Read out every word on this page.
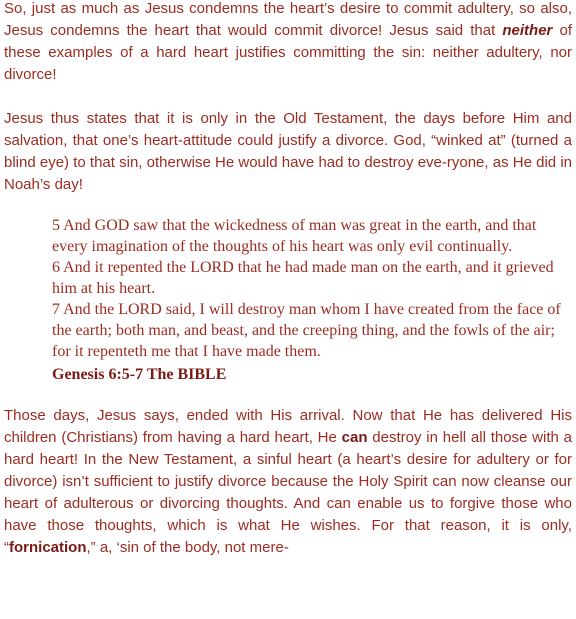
So, just as much as Jesus condemns the heart’s desire to commit adultery, so also, Jesus condemns the heart that would commit divorce! Jesus said that neither of these examples of a hard heart justifies committing the sin: neither adultery, nor divorce!

Jesus thus states that it is only in the Old Testament, the days before Him and salvation, that one’s heart-attitude could justify a divorce. God, “winked at” (turned a blind eye) to that sin, otherwise He would have had to destroy eve-ryone, as He did in Noah’s day!

5 And GOD saw that the wickedness of man was great in the earth, and that every imagination of the thoughts of his heart was only evil continually.

6 And it repented the LORD that he had made man on the earth, and it grieved him at his heart.

7 And the LORD said, I will destroy man whom I have created from the face of the earth; both man, and beast, and the creeping thing, and the fowls of the air; for it repenteth me that I have made them.

Genesis 6:5-7 The BIBLE

Those days, Jesus says, ended with His arrival. Now that He has delivered His children (Christians) from having a hard heart, He can destroy in hell all those with a hard heart! In the New Testament, a sinful heart (a heart’s desire for adultery or for divorce) isn’t sufficient to justify divorce because the Holy Spirit can now cleanse our heart of adulterous or divorcing thoughts. And can enable us to forgive those who have those thoughts, which is what He wishes. For that reason, it is only, “fornication,” a, ‘sin of the body, not mere-
